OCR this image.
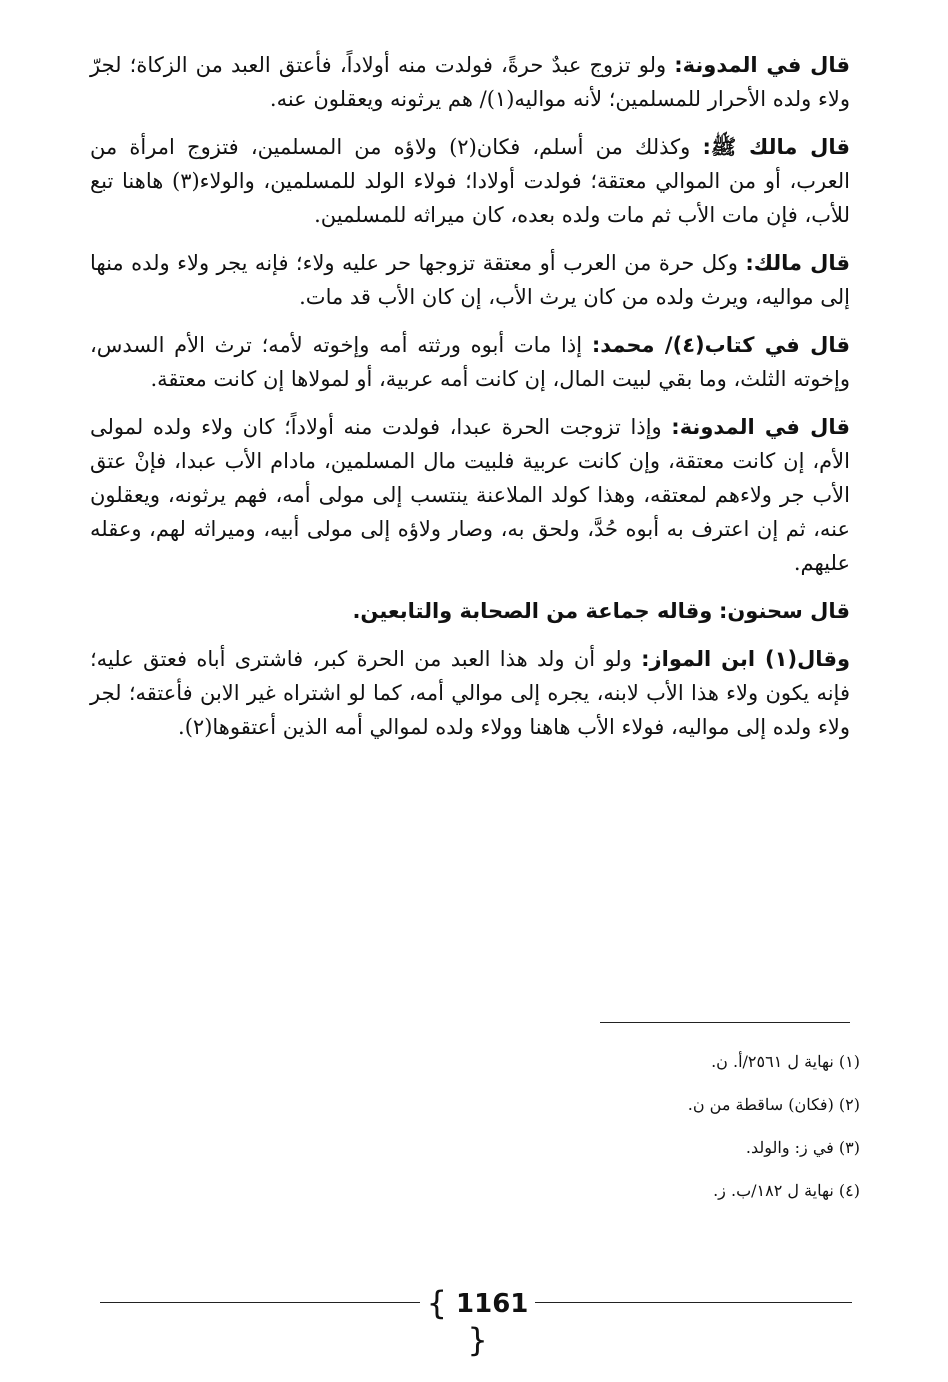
قال في المدونة: ولو تزوج عبدٌ حرةً، فولدت منه أولاداً، فأعتق العبد من الزكاة؛ لجرّ ولاء ولده الأحرار للمسلمين؛ لأنه مواليه(١)/ هم يرثونه ويعقلون عنه.

قال مالك ﷺ: وكذلك من أسلم، فكان(٢) ولاؤه من المسلمين، فتزوج امرأة من العرب، أو من الموالي معتقة؛ فولدت أولادا؛ فولاء الولد للمسلمين، والولاء(٣) هاهنا تبع للأب، فإن مات الأب ثم مات ولده بعده، كان ميراثه للمسلمين.

قال مالك: وكل حرة من العرب أو معتقة تزوجها حر عليه ولاء؛ فإنه يجر ولاء ولده منها إلى مواليه، ويرث ولده من كان يرث الأب، إن كان الأب قد مات.

قال في كتاب(٤)/ محمد: إذا مات أبوه ورثته أمه وإخوته لأمه؛ ترث الأم السدس، وإخوته الثلث، وما بقي لبيت المال، إن كانت أمه عربية، أو لمولاها إن كانت معتقة.

قال في المدونة: وإذا تزوجت الحرة عبدا، فولدت منه أولاداً؛ كان ولاء ولده لمولى الأم، إن كانت معتقة، وإن كانت عربية فلبيت مال المسلمين، مادام الأب عبدا، فإنْ عتق الأب جر ولاءهم لمعتقه، وهذا كولد الملاعنة ينتسب إلى مولى أمه، فهم يرثونه، ويعقلون عنه، ثم إن اعترف به أبوه حُدَّ، ولحق به، وصار ولاؤه إلى مولى أبيه، وميراثه لهم، وعقله عليهم.

قال سحنون: وقاله جماعة من الصحابة والتابعين.

وقال(١) ابن المواز: ولو أن ولد هذا العبد من الحرة كبر، فاشترى أباه فعتق عليه؛ فإنه يكون ولاء هذا الأب لابنه، يجره إلى موالي أمه، كما لو اشتراه غير الابن فأعتقه؛ لجر ولاء ولده إلى مواليه، فولاء الأب هاهنا وولاء ولده لموالي أمه الذين أعتقوها(٢).

(١) نهاية ل ٢٥٦١/أ. ن.
(٢) (فكان) ساقطة من ن.
(٣) في ز: والولد.
(٤) نهاية ل ١٨٢/ب. ز.
{ 1161 }
